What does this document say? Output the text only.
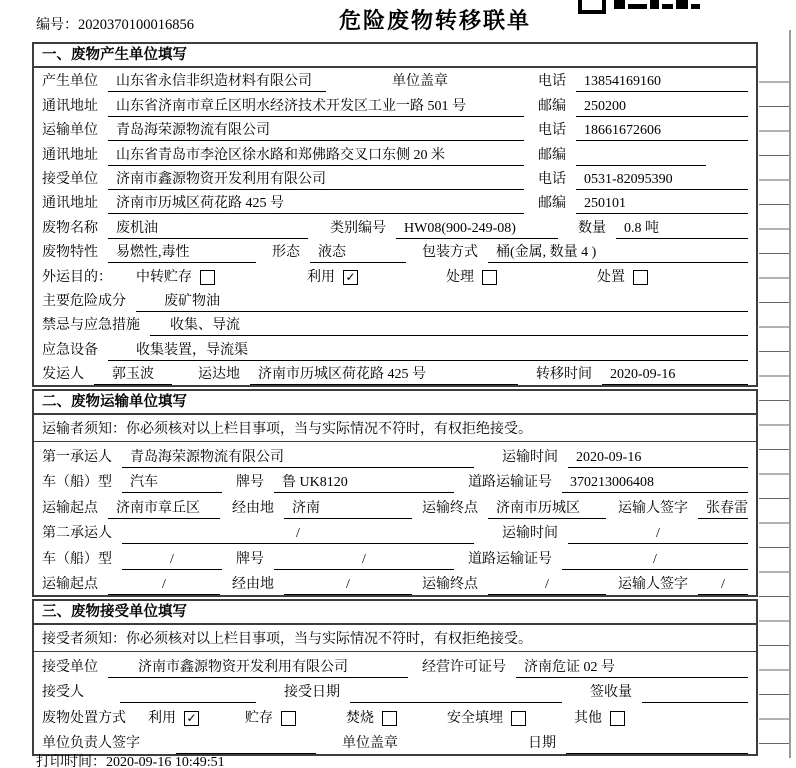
编号：2020370100016856	危险废物转移联单
一、废物产生单位填写
产生单位	山东省永信非织造材料有限公司	单位盖章	电话	13854169160
通讯地址	山东省济南市章丘区明水经济技术开发区工业一路 501 号	邮编	250200
运输单位	青岛海荣源物流有限公司	电话	18661672606
通讯地址	山东省青岛市李沧区徐水路和郑佛路交叉口东侧 20 米	邮编
接受单位	济南市鑫源物资开发利用有限公司	电话	0531-82095390
通讯地址	济南市历城区荷花路 425 号	邮编	250101
废物名称	废机油	类别编号	HW08(900-249-08)	数量	0.8 吨
废物特性	易燃性,毒性	形态	液态	包装方式	桶(金属, 数量 4 )
外运目的： 中转贮存	利用 ✓	处理	处置
主要危险成分	废矿物油
禁忌与应急措施	收集、导流
应急设备	收集装置，导流渠
发运人	郭玉波	运达地	济南市历城区荷花路 425 号	转移时间	2020-09-16
二、废物运输单位填写
运输者须知：你必须核对以上栏目事项，当与实际情况不符时，有权拒绝接受。
第一承运人	青岛海荣源物流有限公司	运输时间	2020-09-16
车（船）型	汽车	牌号	鲁 UK8120	道路运输证号	370213006408
运输起点	济南市章丘区	经由地	济南	运输终点	济南市历城区	运输人签字	张春雷
第二承运人	/	运输时间	/
车（船）型	/	牌号	/	道路运输证号	/
运输起点	/	经由地	/	运输终点	/	运输人签字	/
三、废物接受单位填写
接受者须知：你必须核对以上栏目事项，当与实际情况不符时，有权拒绝接受。
接受单位	济南市鑫源物资开发利用有限公司	经营许可证号	济南危证 02 号
接受人	接受日期	签收量
废物处置方式 利用 ✓	贮存	焚烧	安全填埋	其他
单位负责人签字	单位盖章	日期
打印时间：2020-09-16 10:49:51
